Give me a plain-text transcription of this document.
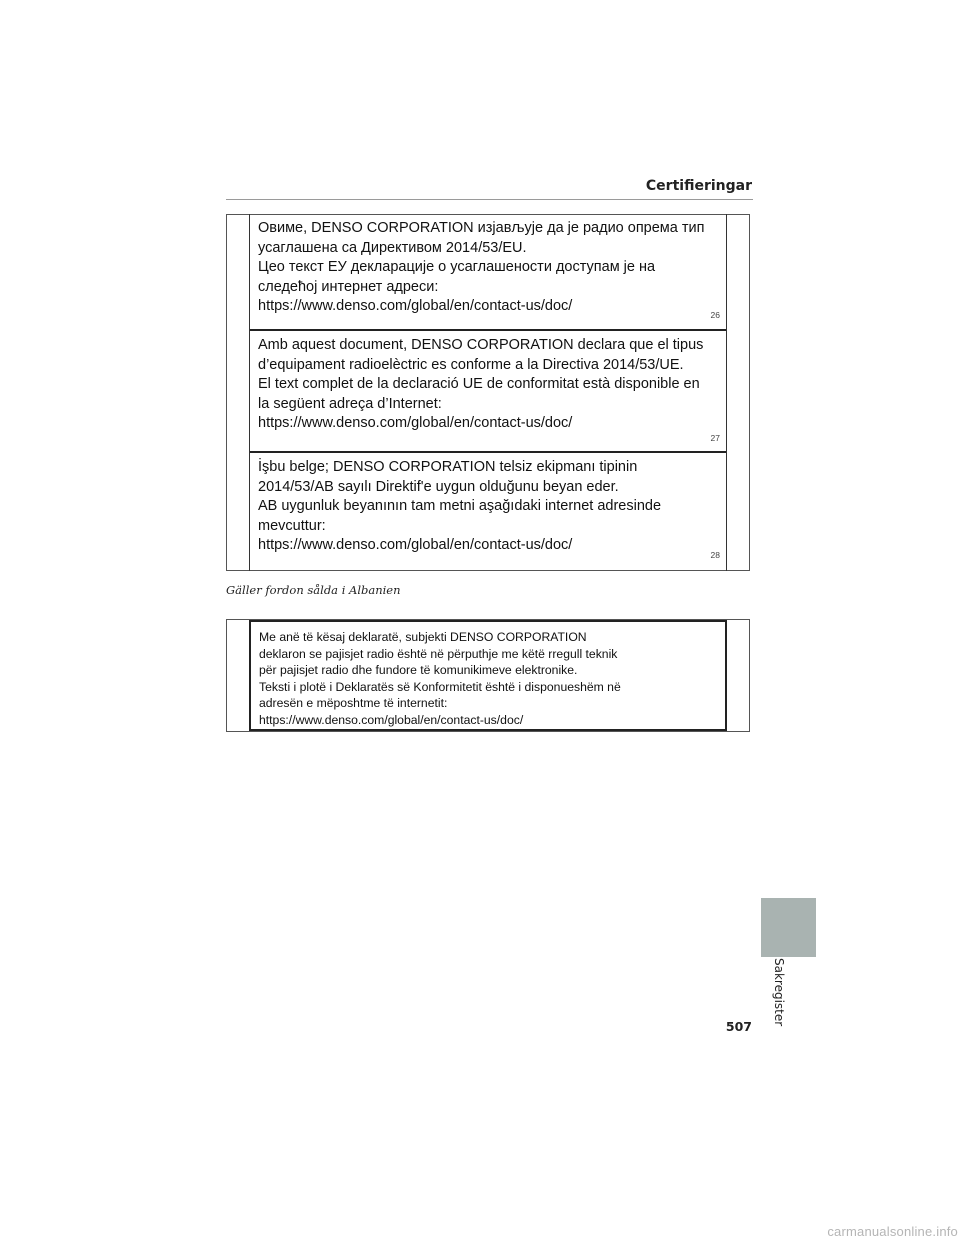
Certifieringar

Овиме, DENSO CORPORATION изјављује да је радио опрема тип

усаглашена са Директивом 2014/53/EU.

Цео текст ЕУ декларације о усаглашености доступам је на

следећој интернет адреси:

https://www.denso.com/global/en/contact-us/doc/

26

Amb aquest document, DENSO CORPORATION declara que el tipus

d’equipament radioelèctric es conforme a la Directiva 2014/53/UE.

El text complet de la declaració UE de conformitat està disponible en

la següent adreça d’Internet:

https://www.denso.com/global/en/contact-us/doc/

27

İşbu belge; DENSO CORPORATION telsiz ekipmanı tipinin

2014/53/AB sayılı Direktif'e uygun olduğunu beyan eder.

AB uygunluk beyanının tam metni aşağıdaki internet adresinde

mevcuttur:

https://www.denso.com/global/en/contact-us/doc/

28
Gäller fordon sålda i Albanien

Me anë të kësaj deklaratë, subjekti DENSO CORPORATION

deklaron se pajisjet radio është në përputhje me këtë rregull teknik

për pajisjet radio dhe fundore të komunikimeve elektronike.

Teksti i plotë i Deklaratës së Konformitetit është i disponueshëm në

adresën e mëposhtme të internetit:

https://www.denso.com/global/en/contact-us/doc/

Sakregister
507
carmanualsonline.info
